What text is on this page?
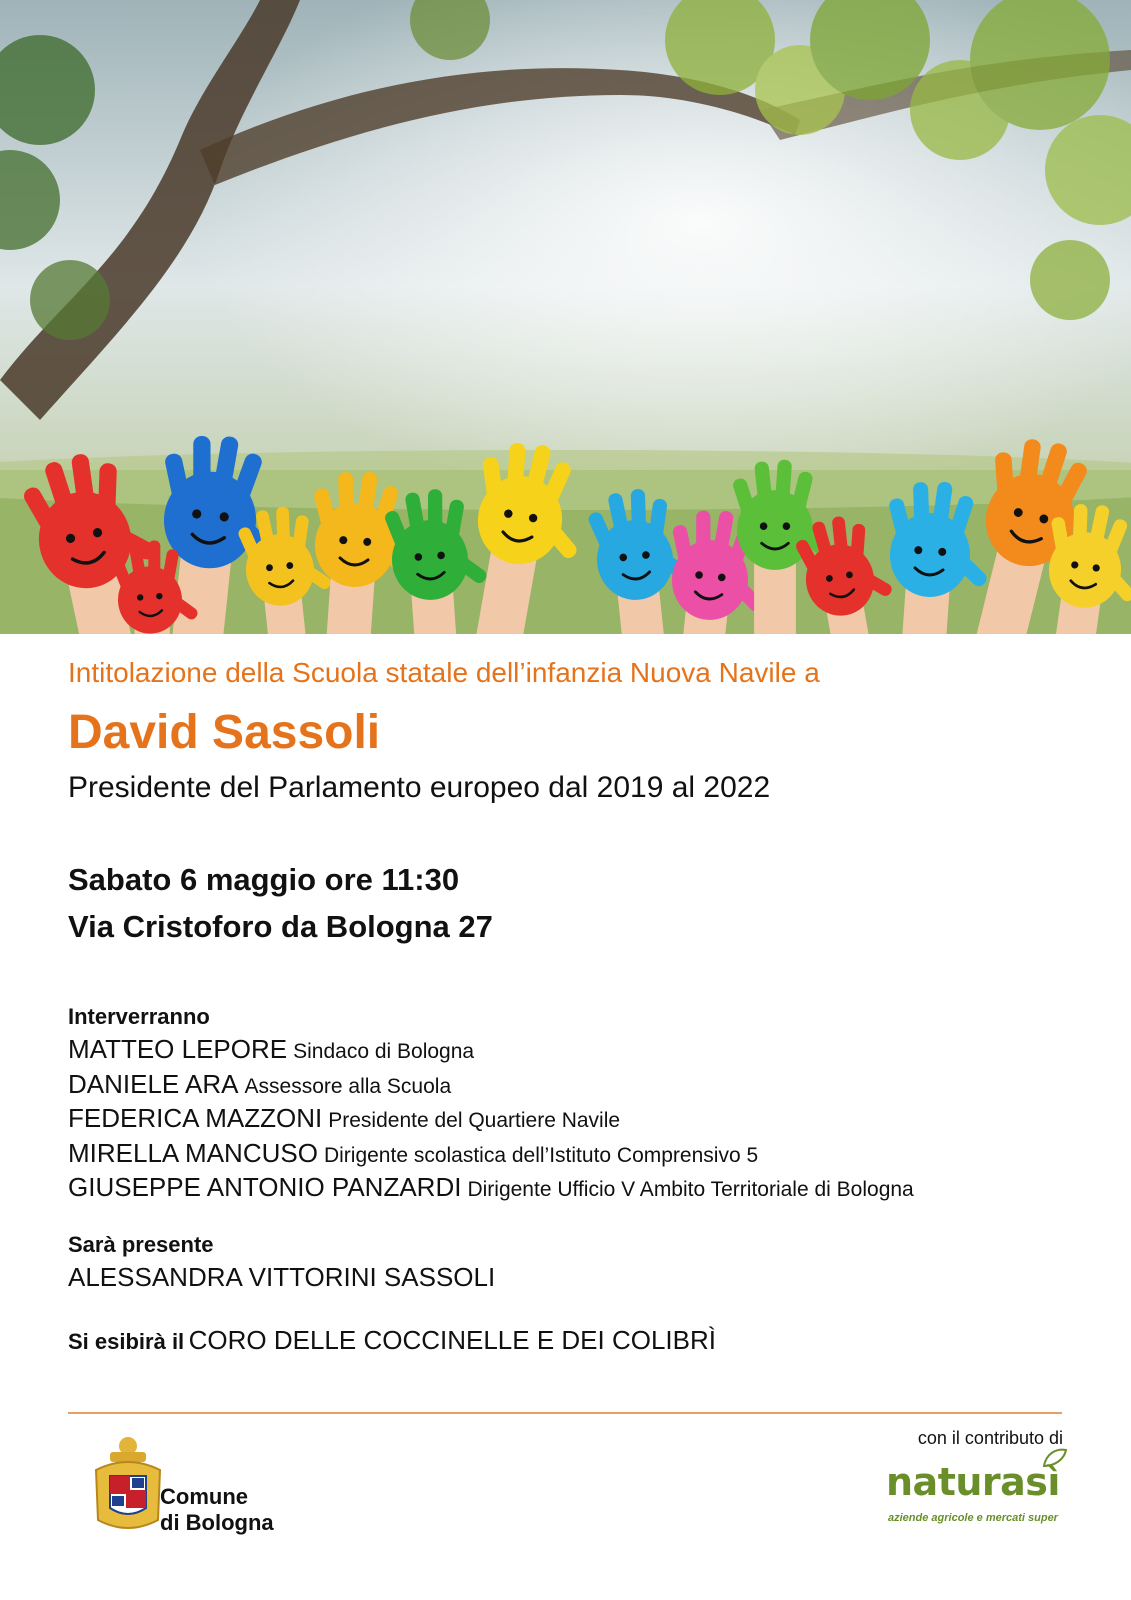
Intitolazione della Scuola statale dell’infanzia Nuova Navile a
David Sassoli
Presidente del Parlamento europeo dal 2019 al 2022
Sabato 6 maggio ore 11:30
Via Cristoforo da Bologna 27
Interverranno
MATTEO LEPORE Sindaco di Bologna
DANIELE ARA Assessore alla Scuola
FEDERICA MAZZONI Presidente del Quartiere Navile
MIRELLA MANCUSO Dirigente scolastica dell’Istituto Comprensivo 5
GIUSEPPE ANTONIO PANZARDI Dirigente Ufficio V Ambito Territoriale di Bologna
Sarà presente
ALESSANDRA VITTORINI SASSOLI
Si esibirà il CORO DELLE COCCINELLE E DEI COLIBRÌ
Comune
di Bologna
con il contributo di
naturasì
aziende agricole e mercati super
